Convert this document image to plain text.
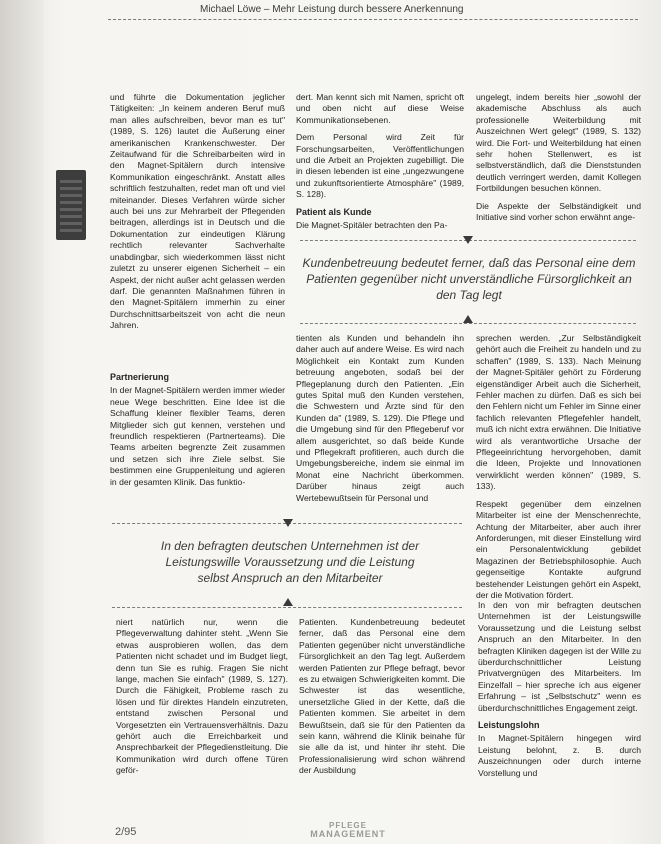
Michael Löwe – Mehr Leistung durch bessere Anerkennung

und führte die Dokumentation jeglicher Tätigkeiten: „In keinem anderen Beruf muß man alles aufschreiben, bevor man es tut" (1989, S. 126) lautet die Äußerung einer amerikanischen Krankenschwester. Der Zeitaufwand für die Schreibarbeiten wird in den Magnet-Spitälern durch intensive Kommunikation eingeschränkt. Anstatt alles schriftlich festzuhalten, redet man oft und viel miteinander. Dieses Verfahren würde sicher auch bei uns zur Mehrarbeit der Pflegenden beitragen, allerdings ist in Deutsch und die Dokumentation zur eindeutigen Klärung rechtlich relevanter Sachverhalte unabdingbar, sich wiederkommen lässt nicht zuletzt zu unserer eigenen Sicherheit – ein Aspekt, der nicht außer acht gelassen werden darf. Die genannten Maßnahmen führen in den Magnet-Spitälern immerhin zu einer Durchschnittsarbeitszeit von acht die neun Jahren.

dert. Man kennt sich mit Namen, spricht oft und oben nicht auf diese Weise Kommunikationsebenen.

Dem Personal wird Zeit für Forschungsarbeiten, Veröffentlichungen und die Arbeit an Projekten zugebilligt. Die in diesen lebenden ist eine „ungezwungene und zukunftsorientierte Atmosphäre" (1989, S. 128).

Patient als Kunde

Die Magnet-Spitäler betrachten den Pa-

ungelegt, indem bereits hier „sowohl der akademische Abschluss als auch professionelle Weiterbildung mit Auszeichnen Wert gelegt" (1989, S. 132) wird. Die Fort- und Weiterbildung hat einen sehr hohen Stellenwert, es ist selbstverständlich, daß die Dienststunden deutlich verringert werden, damit Kollegen Fortbildungen besuchen können.

Die Aspekte der Selbständigkeit und Initiative sind vorher schon erwähnt ange-

Kundenbetreuung bedeutet ferner, daß das Personal eine dem Patienten gegenüber nicht unverständliche Fürsorglichkeit an den Tag legt
Partnerierung

In der Magnet-Spitälern werden immer wieder neue Wege beschritten. Eine Idee ist die Schaffung kleiner flexibler Teams, deren Mitglieder sich gut kennen, verstehen und freundlich respektieren (Partnerteams). Die Teams arbeiten begrenzte Zeit zusammen und setzen sich ihre Ziele selbst. Sie bestimmen eine Gruppenleitung und agieren in der gesamten Klinik. Das funktio-

tienten als Kunden und behandeln ihn daher auch auf andere Weise. Es wird nach Möglichkeit ein Kontakt zum Kunden betreuung angeboten, sodaß bei der Pflegeplanung durch den Patienten. „Ein gutes Spital muß den Kunden verstehen, die Schwestern und Ärzte sind für den Kunden da" (1989, S. 129). Die Pflege und die Umgebung sind für den Pflegeberuf vor allem ausgerichtet, so daß beide Kunde und Pflegekraft profitieren, auch durch die Umgebungsbereiche, indem sie einmal im Monat eine Nachricht überkommen. Darüber hinaus zeigt auch Wertebewußtsein für Personal und

sprechen werden. „Zur Selbständigkeit gehört auch die Freiheit zu handeln und zu schaffen" (1989, S. 133). Nach Meinung der Magnet-Spitäler gehört zu Förderung eigenständiger Arbeit auch die Sicherheit, Fehler machen zu dürfen. Daß es sich bei den Fehlern nicht um Fehler im Sinne einer fachlich relevanten Pflegefehler handelt, muß ich nicht extra erwähnen. Die Initiative wird als verantwortliche Ursache der Pflegeeinrichtung hervorgehoben, damit die Ideen, Projekte und Innovationen verwirklicht werden können" (1989, S. 133).

Respekt gegenüber dem einzelnen Mitarbeiter ist eine der Menschenrechte, Achtung der Mitarbeiter, aber auch ihrer Anforderungen, mit dieser Einstellung wird ein Personalentwicklung gebildet Magazinen der Betriebsphilosophie. Auch gegenseitige Kontakte aufgrund bestehender Leistungen gehört ein Aspekt, der die Motivation fördert.

In den befragten deutschen Unternehmen ist der Leistungswille Voraussetzung und die Leistung selbst Anspruch an den Mitarbeiter

niert natürlich nur, wenn die Pflegeverwaltung dahinter steht. „Wenn Sie etwas ausprobieren wollen, das dem Patienten nicht schadet und im Budget liegt, denn tun Sie es ruhig. Fragen Sie nicht lange, machen Sie einfach" (1989, S. 127). Durch die Fähigkeit, Probleme rasch zu lösen und für direktes Handeln einzutreten, entstand zwischen Personal und Vorgesetzten ein Vertrauensverhältnis. Dazu gehört auch die Erreichbarkeit und Ansprechbarkeit der Pflegedienstleitung. Die Kommunikation wird durch offene Türen geför-

Patienten. Kundenbetreuung bedeutet ferner, daß das Personal eine dem Patienten gegenüber nicht unverständliche Fürsorglichkeit an den Tag legt. Außerdem werden Patienten zur Pflege befragt, bevor es zu etwaigen Schwierigkeiten kommt. Die Schwester ist das wesentliche, unersetzliche Glied in der Kette, daß die Patienten kommen. Sie arbeitet in dem Bewußtsein, daß sie für den Patienten da sein kann, während die Klinik beinahe für sie alle da ist, und hinter ihr steht. Die Professionalisierung wird schon während der Ausbildung

In den von mir befragten deutschen Unternehmen ist der Leistungswille Voraussetzung und die Leistung selbst Anspruch an den Mitarbeiter. In den befragten Kliniken dagegen ist der Wille zu überdurchschnittlicher Leistung Privatvergnügen des Mitarbeiters. Im Einzelfall – hier spreche ich aus eigener Erfahrung – ist „Selbstschutz" wenn es überdurchschnittliches Engagement zeigt.

Leistungslohn

In Magnet-Spitälern hingegen wird Leistung belohnt, z. B. durch Auszeichnungen oder durch interne Vorstellung und

2/95
PFLEGE
MANAGEMENT
